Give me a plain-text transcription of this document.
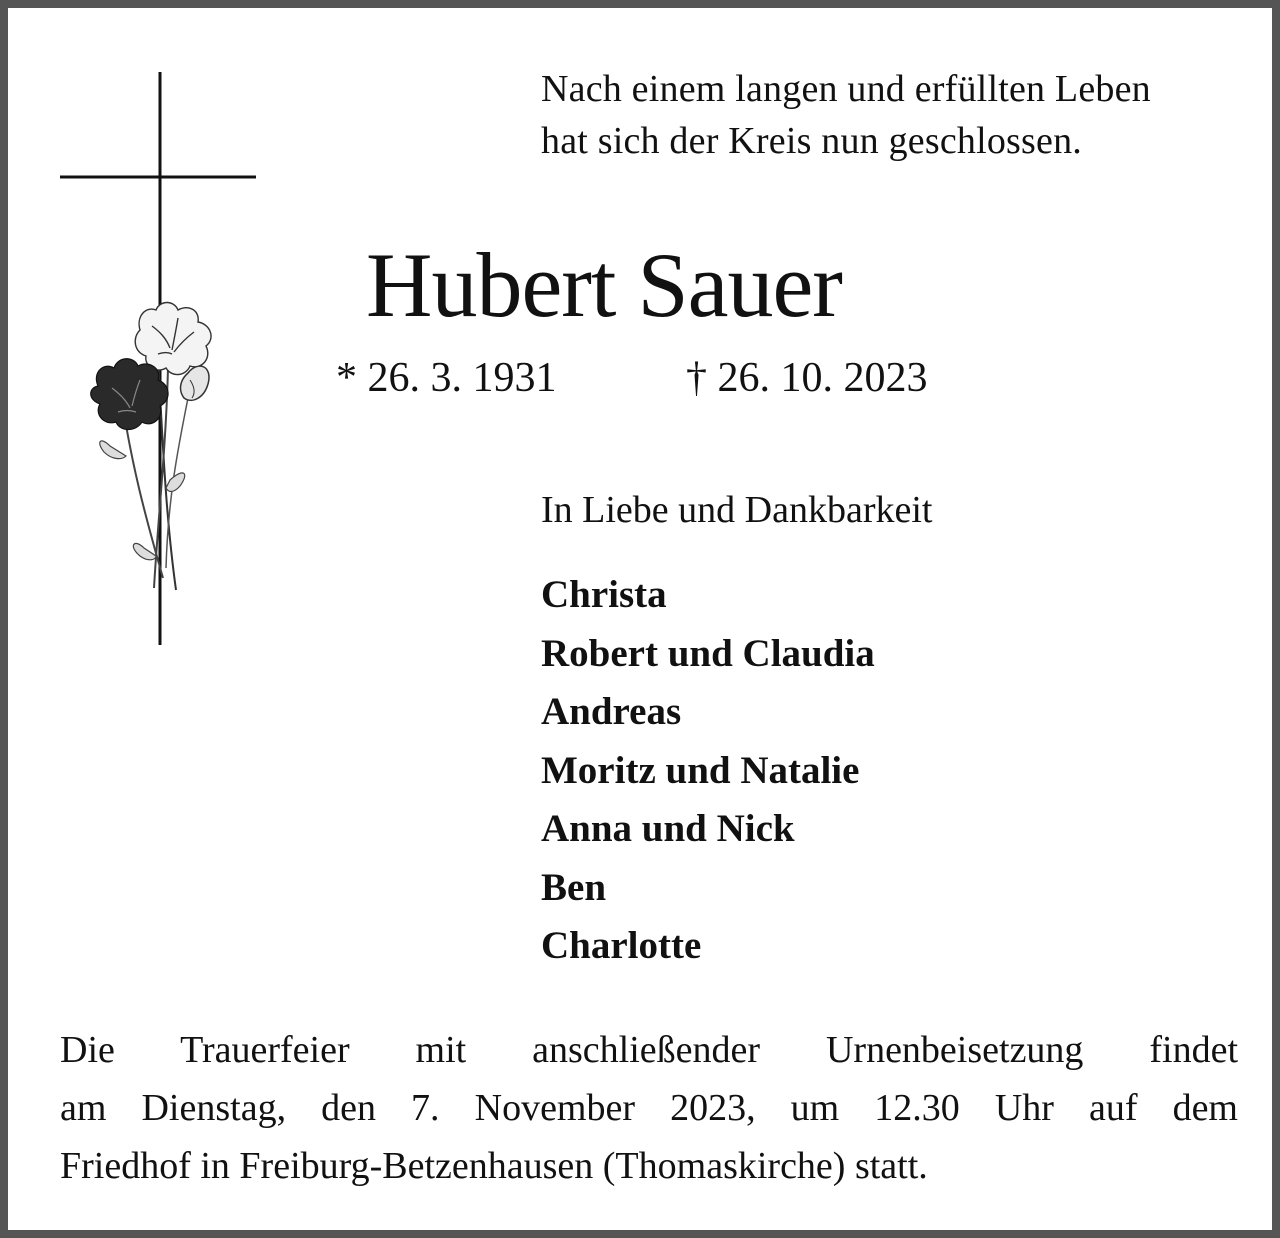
Nach einem langen und erfüllten Leben
hat sich der Kreis nun geschlossen.
Hubert Sauer
* 26. 3. 1931	† 26. 10. 2023
In Liebe und Dankbarkeit
Christa
Robert und Claudia
Andreas
Moritz und Natalie
Anna und Nick
Ben
Charlotte
Die Trauerfeier mit anschließender Urnenbeisetzung findet
am Dienstag, den 7. November 2023, um 12.30 Uhr auf dem
Friedhof in Freiburg-Betzenhausen (Thomaskirche) statt.
